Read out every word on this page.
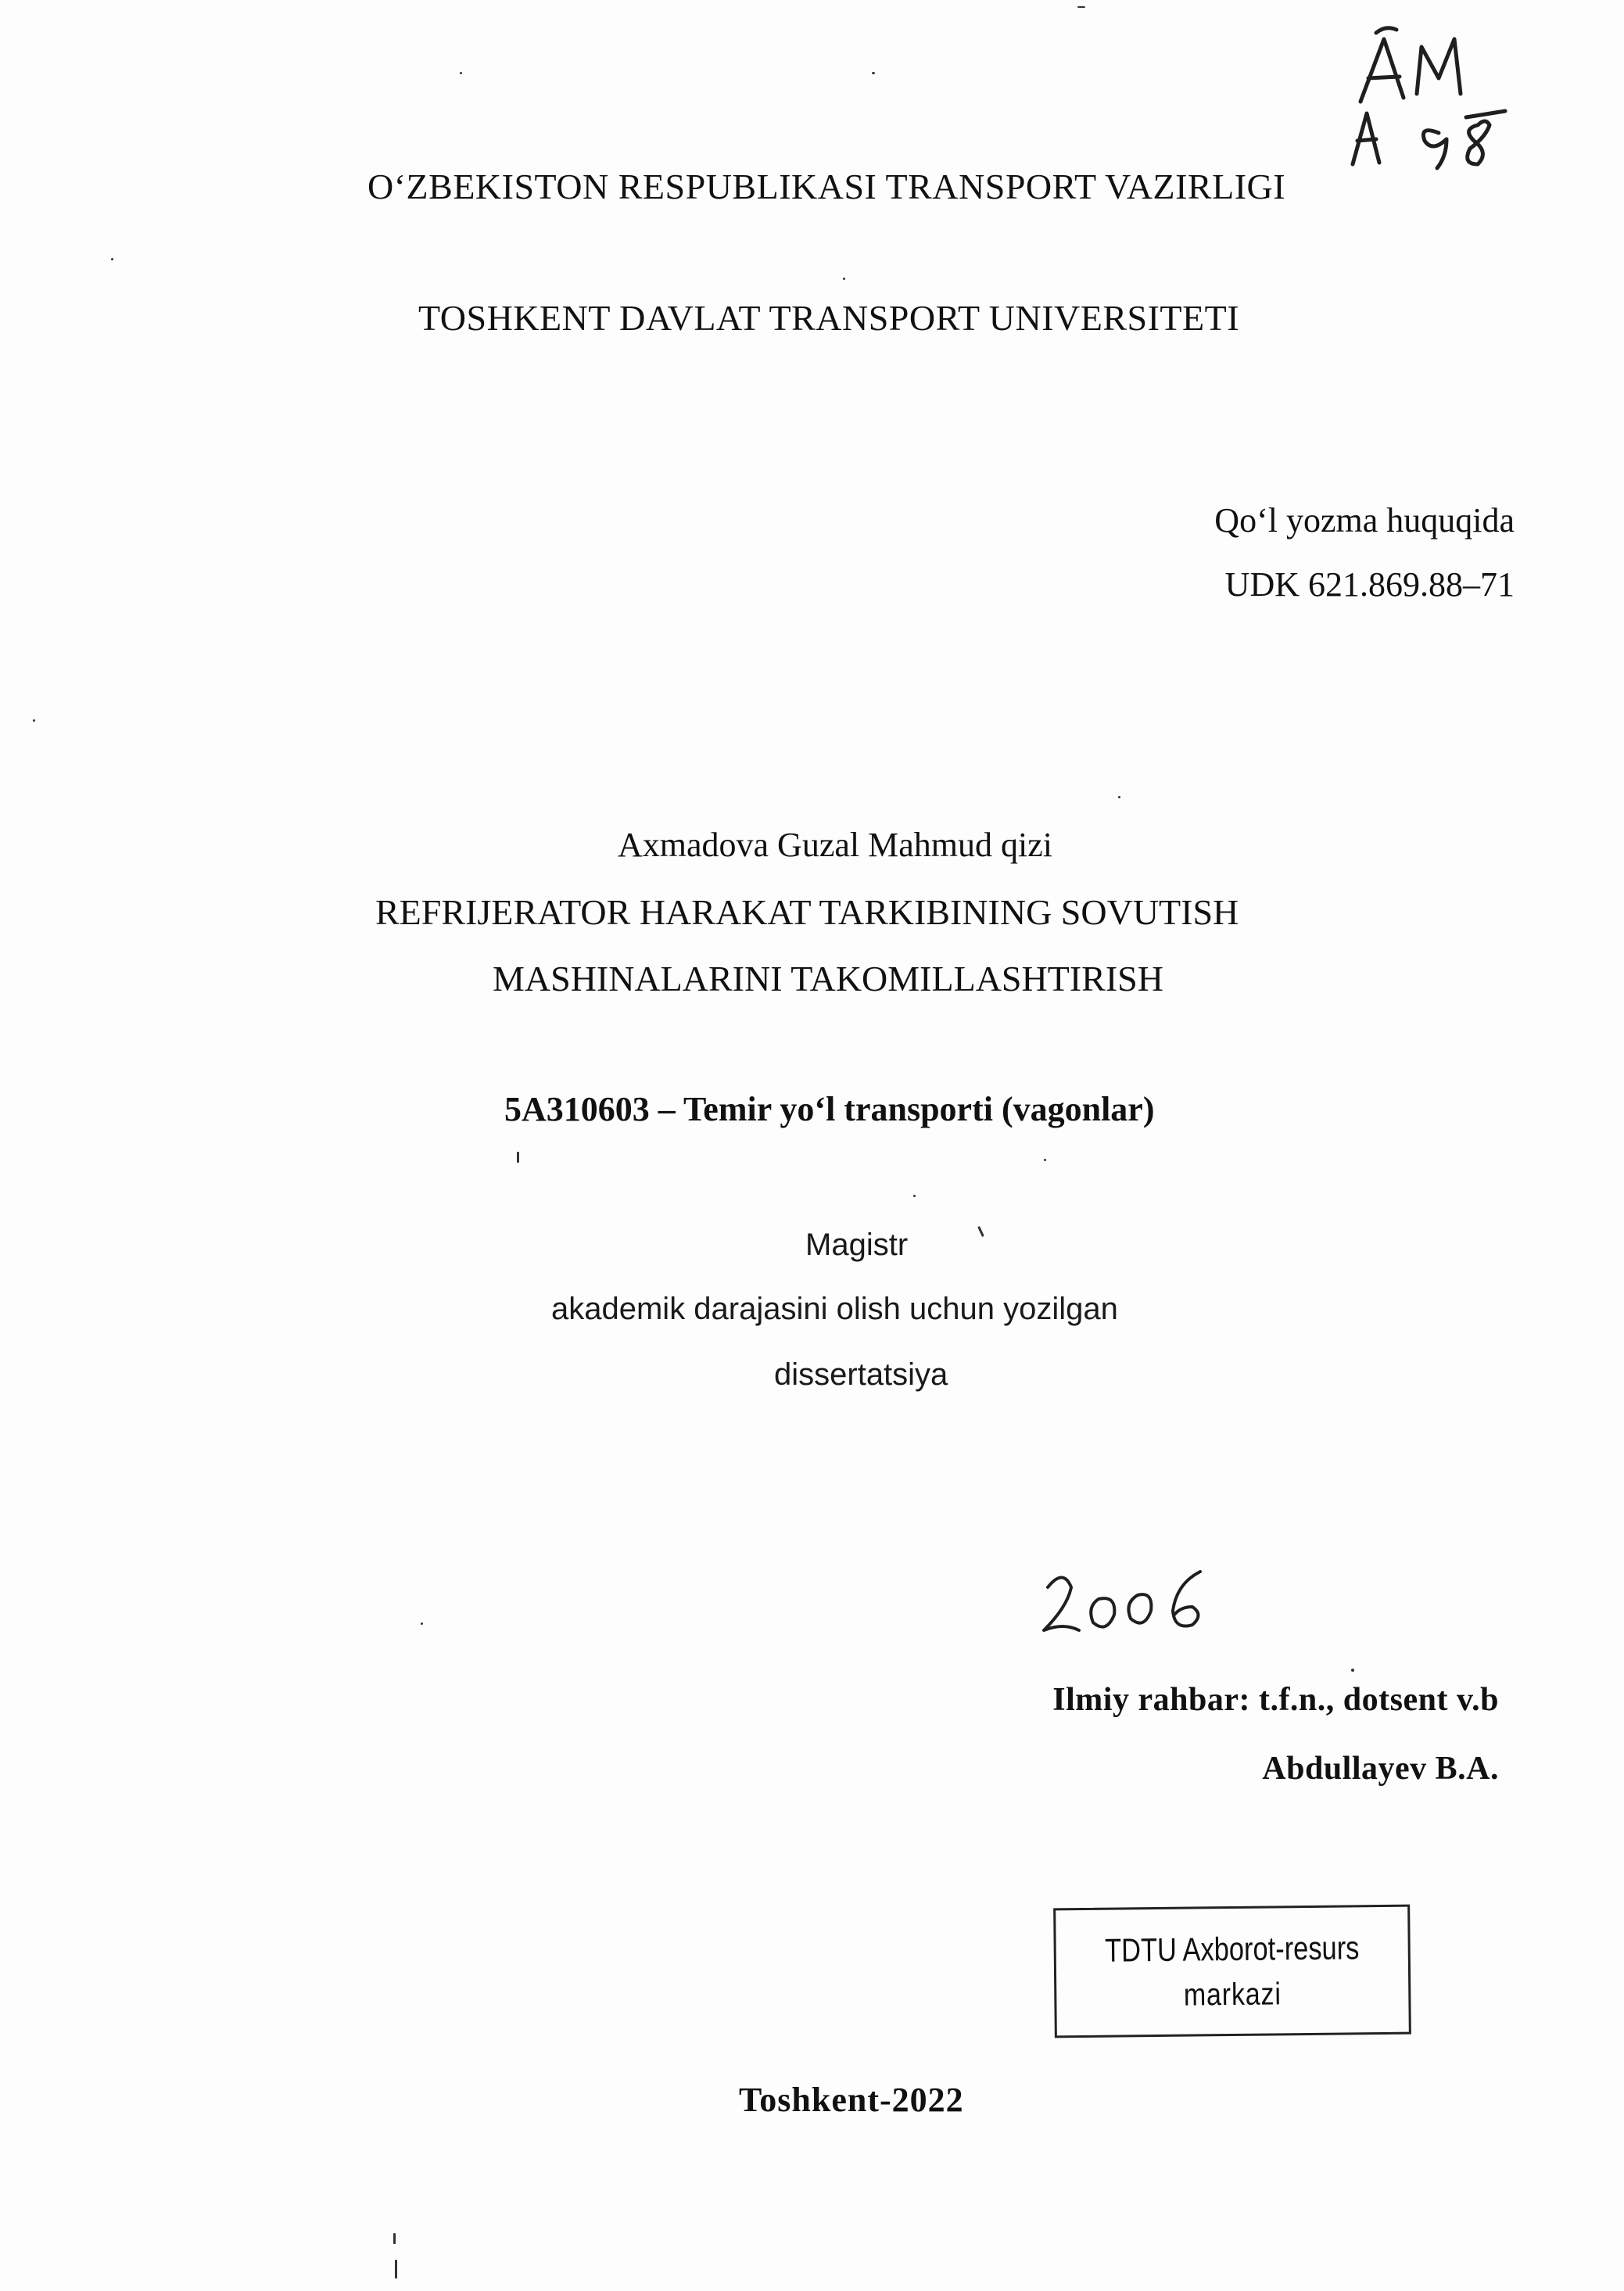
O‘ZBEKISTON RESPUBLIKASI TRANSPORT VAZIRLIGI
TOSHKENT DAVLAT TRANSPORT UNIVERSITETI
Qo‘l yozma huquqida
UDK 621.869.88–71
Axmadova Guzal Mahmud qizi
REFRIJERATOR HARAKAT TARKIBINING SOVUTISH
MASHINALARINI TAKOMILLASHTIRISH
5A310603 – Temir yo‘l transporti (vagonlar)
Magistr
akademik darajasini olish uchun yozilgan
dissertatsiya
Ilmiy rahbar: t.f.n., dotsent v.b
Abdullayev B.A.
TDTU Axborot-resurs
markazi
Toshkent-2022
